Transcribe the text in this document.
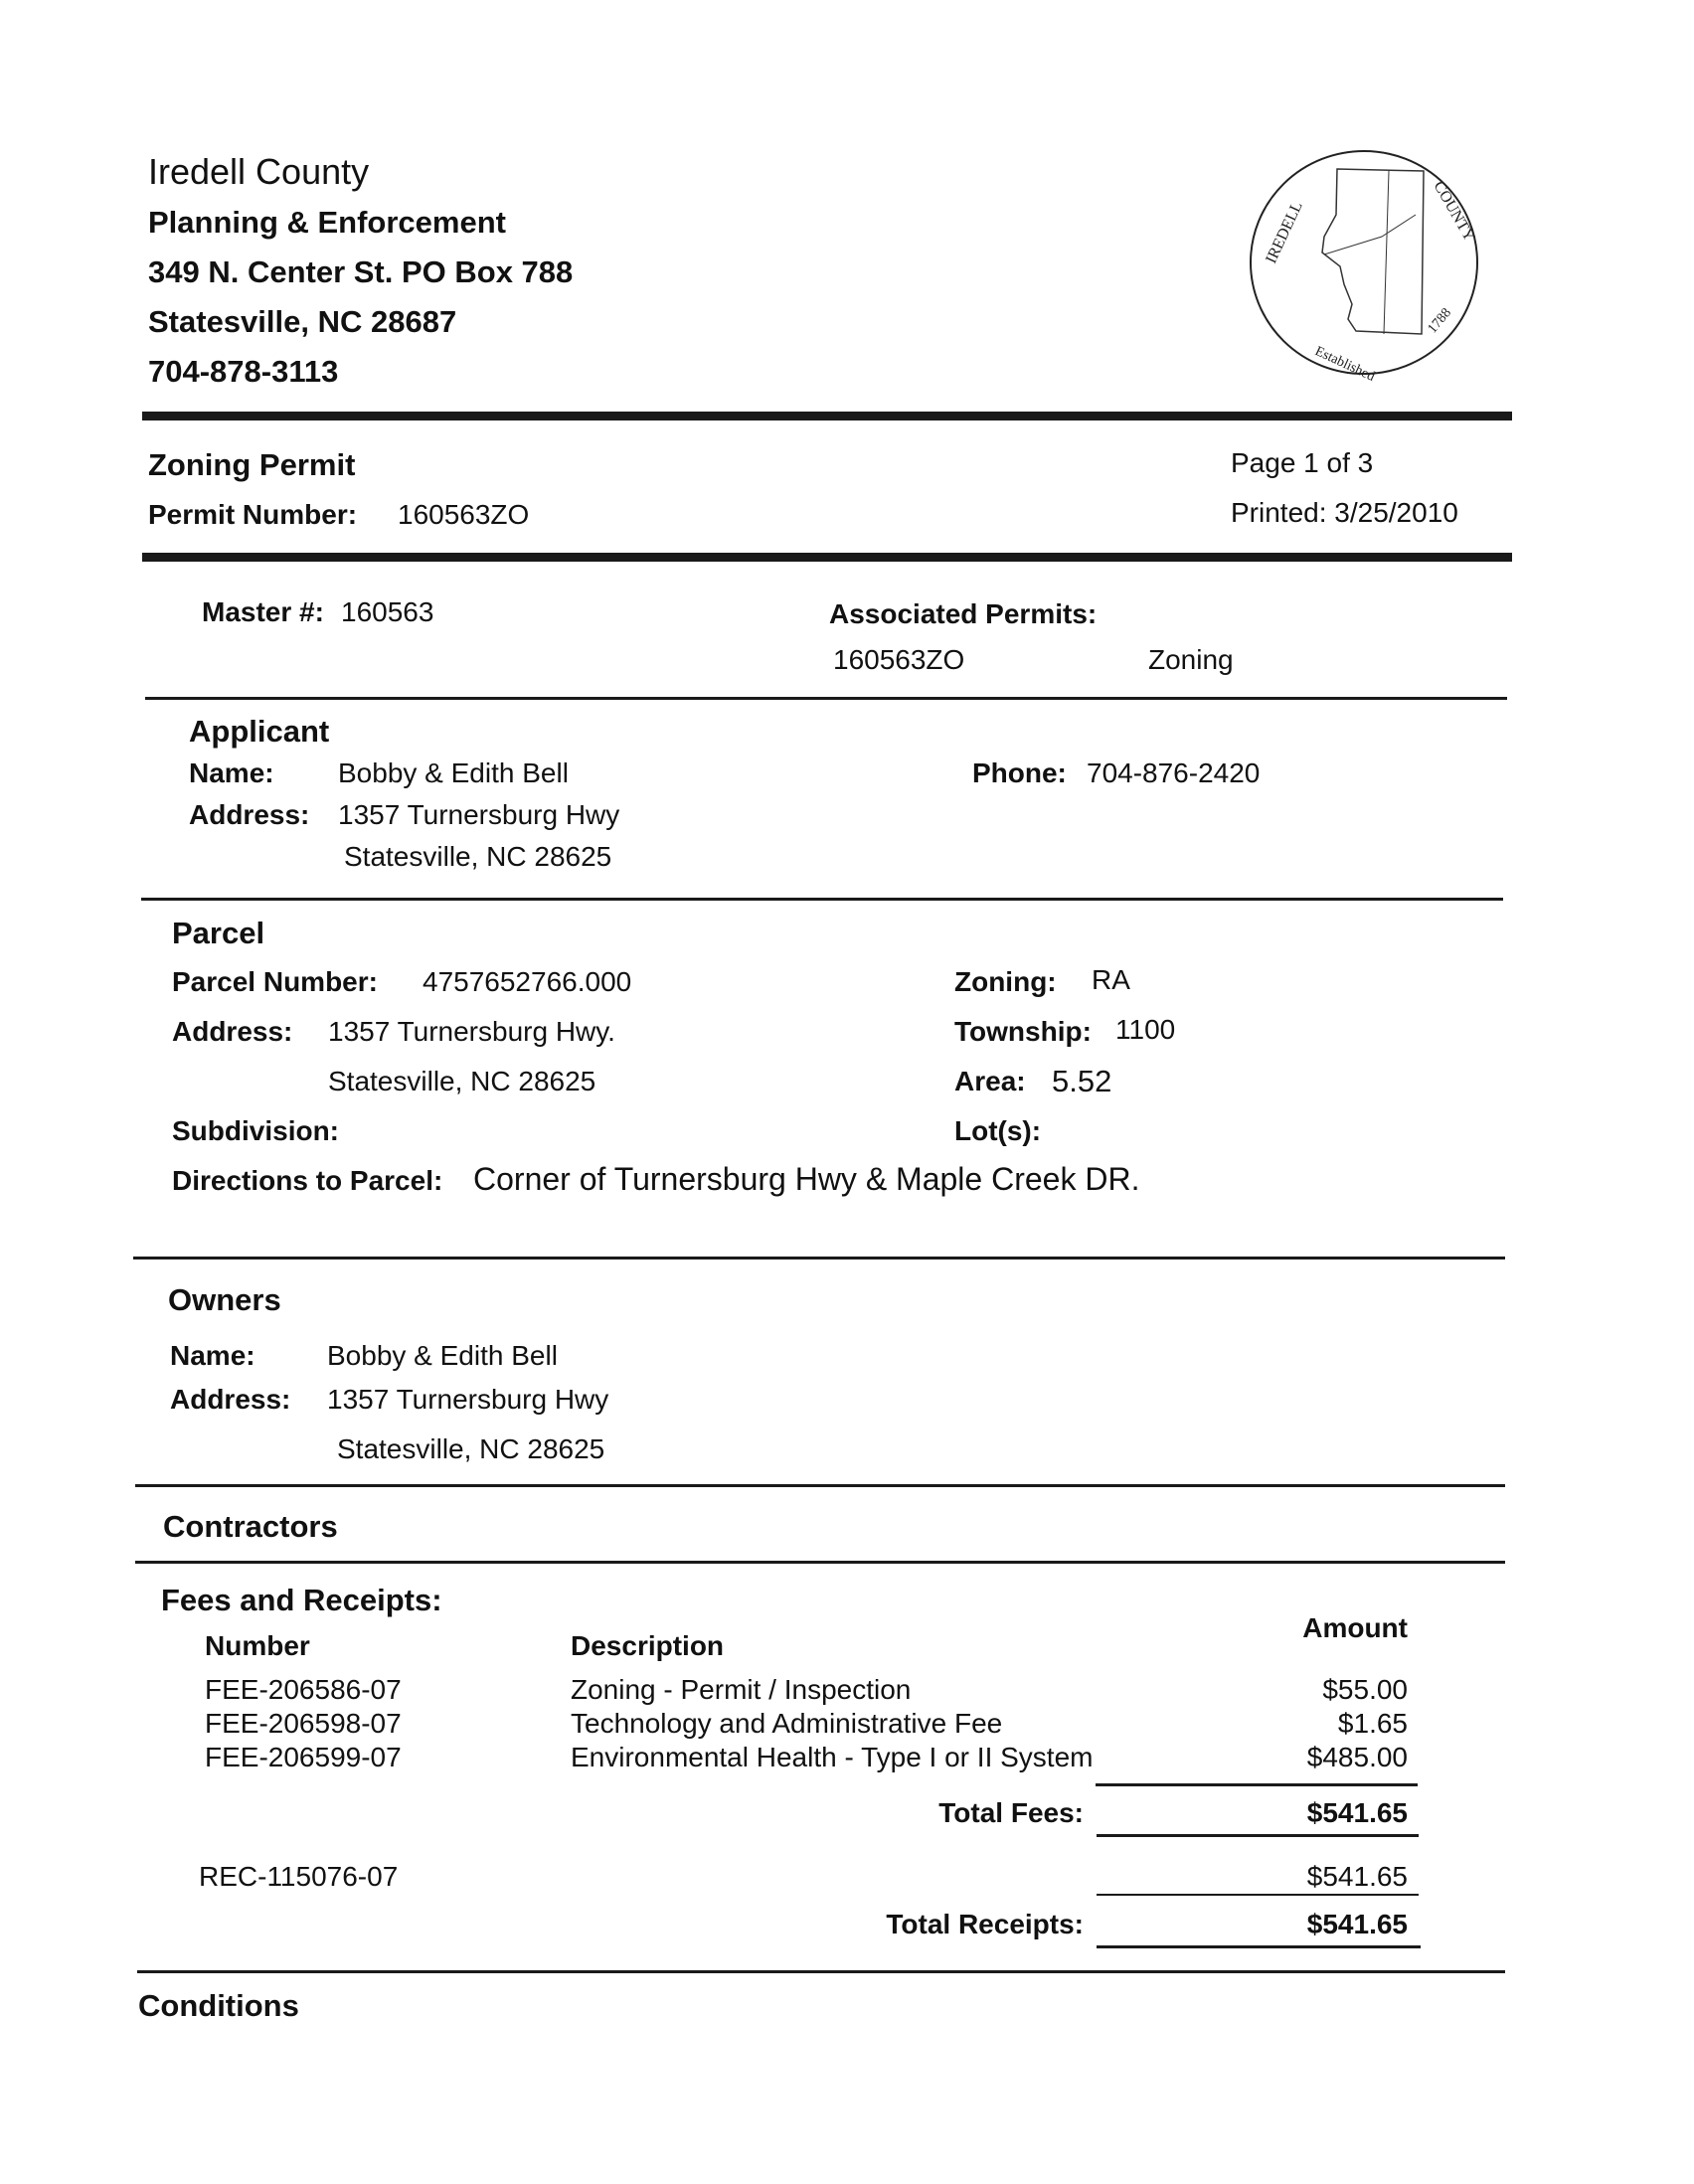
Iredell County
Planning & Enforcement
349 N. Center St. PO Box 788
Statesville, NC 28687
704-878-3113
IREDELL	COUNTY
Established
1788
Zoning Permit
Permit Number: 160563ZO
Page 1 of 3
Printed: 3/25/2010
Master #: 160563	Associated Permits:
160563ZO	Zoning
Applicant
Name: Bobby & Edith Bell
Address: 1357 Turnersburg Hwy
Statesville, NC 28625
Phone: 704-876-2420
Parcel
Parcel Number: 4757652766.000
Address: 1357 Turnersburg Hwy.
Statesville, NC 28625
Subdivision:
Zoning: RA
Township: 1100
Area: 5.52
Lot(s):
Directions to Parcel: Corner of Turnersburg Hwy & Maple Creek DR.
Owners
Name:	Bobby & Edith Bell
Address: 1357 Turnersburg Hwy
Statesville, NC 28625
Contractors
Fees and Receipts:
Number	Description
Amount
FEE-206586-07	Zoning - Permit / Inspection	$55.00
FEE-206598-07	Technology and Administrative Fee	$1.65
FEE-206599-07	Environmental Health - Type I or II System	$485.00
Total Fees:	$541.65
REC-115076-07	$541.65
Total Receipts:	$541.65
Conditions
